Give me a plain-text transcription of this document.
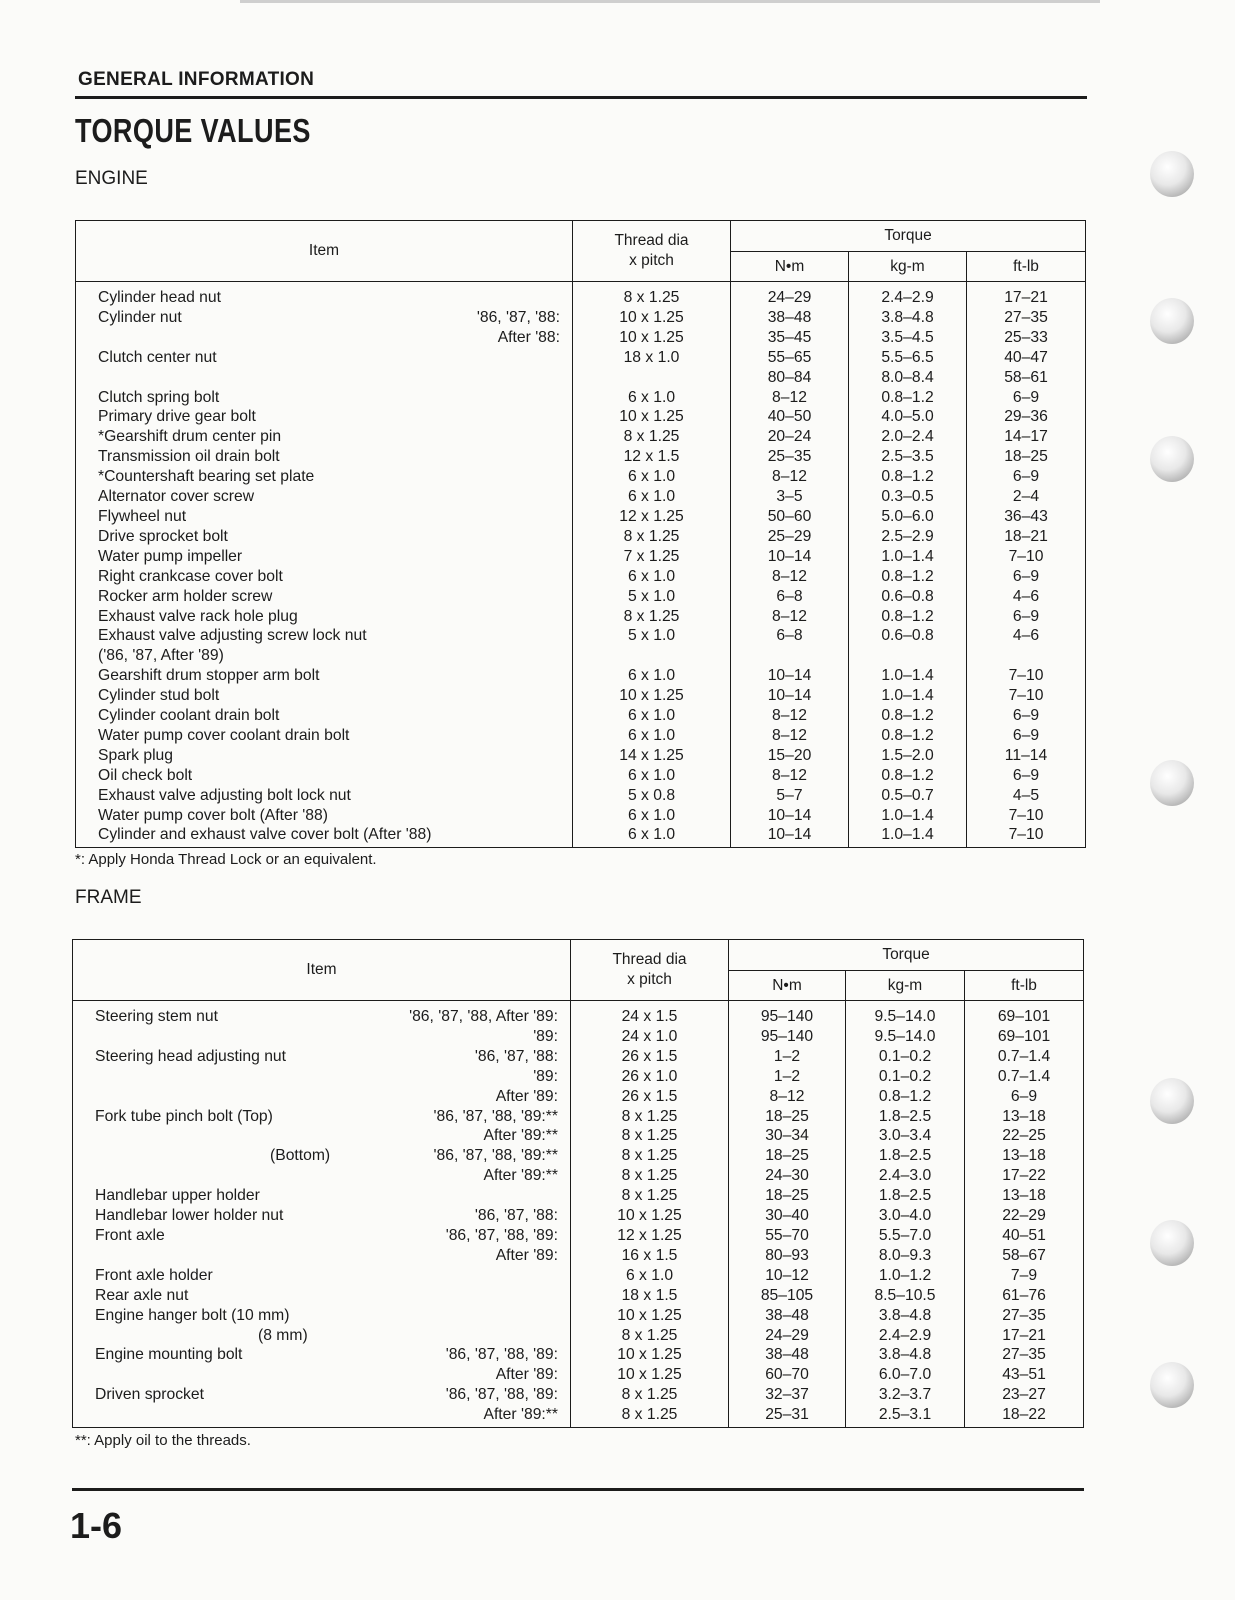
GENERAL INFORMATION
TORQUE VALUES
ENGINE
Item	Thread dia
x pitch	Torque		
		N•m	kg-m	ft-lb

Cylinder head nut	8 x 1.25	24–29	2.4–2.9	17–21

Cylinder nut '86, '87, '88:	10 x 1.25	38–48	3.8–4.8	27–35

After '88:	10 x 1.25	35–45	3.5–4.5	25–33

Clutch center nut	18 x 1.0	55–65	5.5–6.5	40–47

		80–84	8.0–8.4	58–61

Clutch spring bolt	6 x 1.0	8–12	0.8–1.2	6–9

Primary drive gear bolt	10 x 1.25	40–50	4.0–5.0	29–36

*Gearshift drum center pin	8 x 1.25	20–24	2.0–2.4	14–17

Transmission oil drain bolt	12 x 1.5	25–35	2.5–3.5	18–25

*Countershaft bearing set plate	6 x 1.0	8–12	0.8–1.2	6–9

Alternator cover screw	6 x 1.0	3–5	0.3–0.5	2–4

Flywheel nut	12 x 1.25	50–60	5.0–6.0	36–43

Drive sprocket bolt	8 x 1.25	25–29	2.5–2.9	18–21

Water pump impeller	7 x 1.25	10–14	1.0–1.4	7–10

Right crankcase cover bolt	6 x 1.0	8–12	0.8–1.2	6–9

Rocker arm holder screw	5 x 1.0	6–8	0.6–0.8	4–6

Exhaust valve rack hole plug	8 x 1.25	8–12	0.8–1.2	6–9

Exhaust valve adjusting screw lock nut	5 x 1.0	6–8	0.6–0.8	4–6

('86, '87, After '89)				

Gearshift drum stopper arm bolt	6 x 1.0	10–14	1.0–1.4	7–10

Cylinder stud bolt	10 x 1.25	10–14	1.0–1.4	7–10

Cylinder coolant drain bolt	6 x 1.0	8–12	0.8–1.2	6–9

Water pump cover coolant drain bolt	6 x 1.0	8–12	0.8–1.2	6–9

Spark plug	14 x 1.25	15–20	1.5–2.0	11–14

Oil check bolt	6 x 1.0	8–12	0.8–1.2	6–9

Exhaust valve adjusting bolt lock nut	5 x 0.8	5–7	0.5–0.7	4–5

Water pump cover bolt (After '88)	6 x 1.0	10–14	1.0–1.4	7–10

Cylinder and exhaust valve cover bolt (After '88)	6 x 1.0	10–14	1.0–1.4	7–10
*: Apply Honda Thread Lock or an equivalent.
FRAME
Item	Thread dia
x pitch	Torque		
		N•m	kg-m	ft-lb

Steering stem nut '86, '87, '88, After '89:	24 x 1.5	95–140	9.5–14.0	69–101

'89:	24 x 1.0	95–140	9.5–14.0	69–101

Steering head adjusting nut '86, '87, '88:	26 x 1.5	1–2	0.1–0.2	0.7–1.4

'89:	26 x 1.0	1–2	0.1–0.2	0.7–1.4

After '89:	26 x 1.5	8–12	0.8–1.2	6–9

Fork tube pinch bolt (Top) '86, '87, '88, '89:**	8 x 1.25	18–25	1.8–2.5	13–18

After '89:**	8 x 1.25	30–34	3.0–3.4	22–25

(Bottom) '86, '87, '88, '89:**	8 x 1.25	18–25	1.8–2.5	13–18

After '89:**	8 x 1.25	24–30	2.4–3.0	17–22

Handlebar upper holder	8 x 1.25	18–25	1.8–2.5	13–18

Handlebar lower holder nut '86, '87, '88:	10 x 1.25	30–40	3.0–4.0	22–29

Front axle '86, '87, '88, '89:	12 x 1.25	55–70	5.5–7.0	40–51

After '89:	16 x 1.5	80–93	8.0–9.3	58–67

Front axle holder	6 x 1.0	10–12	1.0–1.2	7–9

Rear axle nut	18 x 1.5	85–105	8.5–10.5	61–76

Engine hanger bolt (10 mm)	10 x 1.25	38–48	3.8–4.8	27–35

(8 mm)	8 x 1.25	24–29	2.4–2.9	17–21

Engine mounting bolt '86, '87, '88, '89:	10 x 1.25	38–48	3.8–4.8	27–35

After '89:	10 x 1.25	60–70	6.0–7.0	43–51

Driven sprocket '86, '87, '88, '89:	8 x 1.25	32–37	3.2–3.7	23–27

After '89:**	8 x 1.25	25–31	2.5–3.1	18–22
**: Apply oil to the threads.
1-6
